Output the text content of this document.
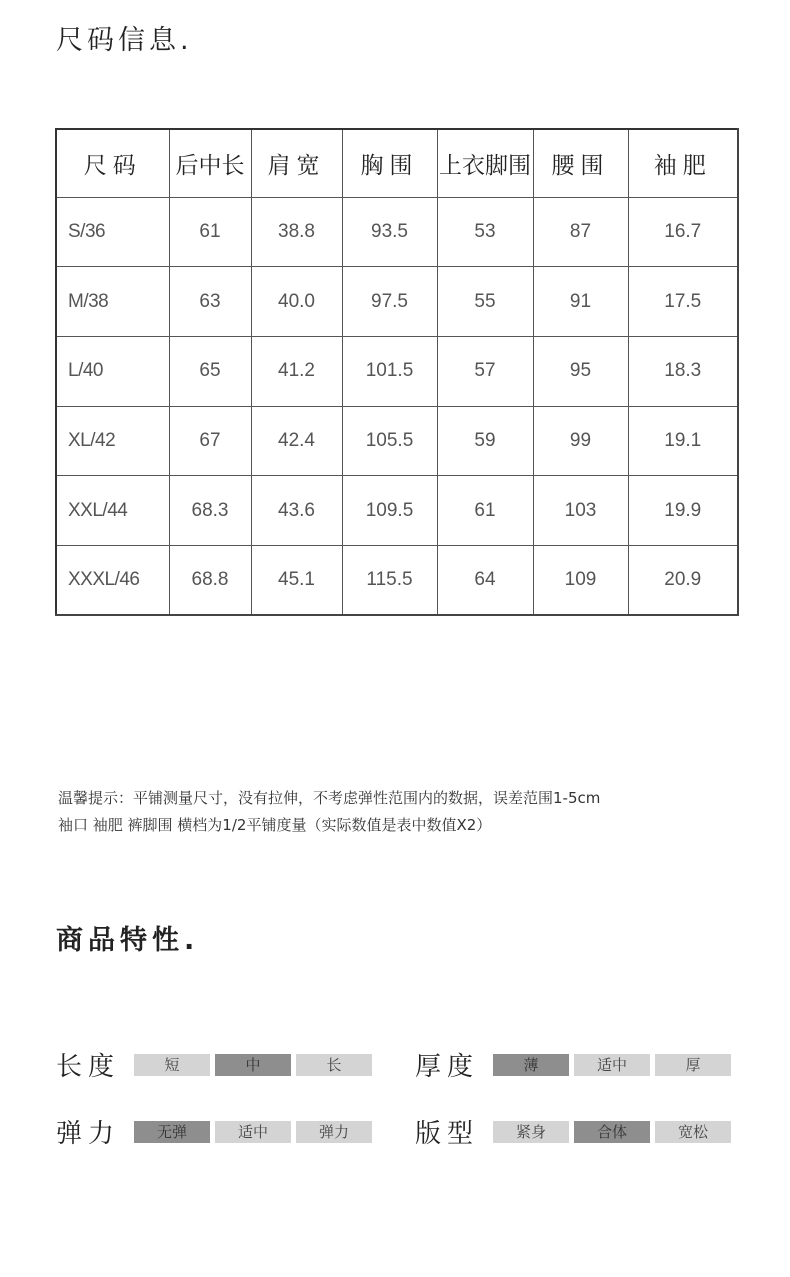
尺码信息.
尺码	后中长	肩宽	胸围	上衣脚围	腰围	袖肥
S/36	61	38.8	93.5	53	87	16.7
M/38	63	40.0	97.5	55	91	17.5
L/40	65	41.2	101.5	57	95	18.3
XL/42	67	42.4	105.5	59	99	19.1
XXL/44	68.3	43.6	109.5	61	103	19.9
XXXL/46	68.8	45.1	115.5	64	109	20.9

温馨提示：平铺测量尺寸，没有拉伸，不考虑弹性范围内的数据，误差范围1-5cm

袖口 袖肥 裤脚围 横档为1/2平铺度量（实际数值是表中数值X2）

商品特性.
长度	短	中	长	厚度	薄	适中	厚
弹力	无弹	适中	弹力	版型	紧身	合体	宽松
